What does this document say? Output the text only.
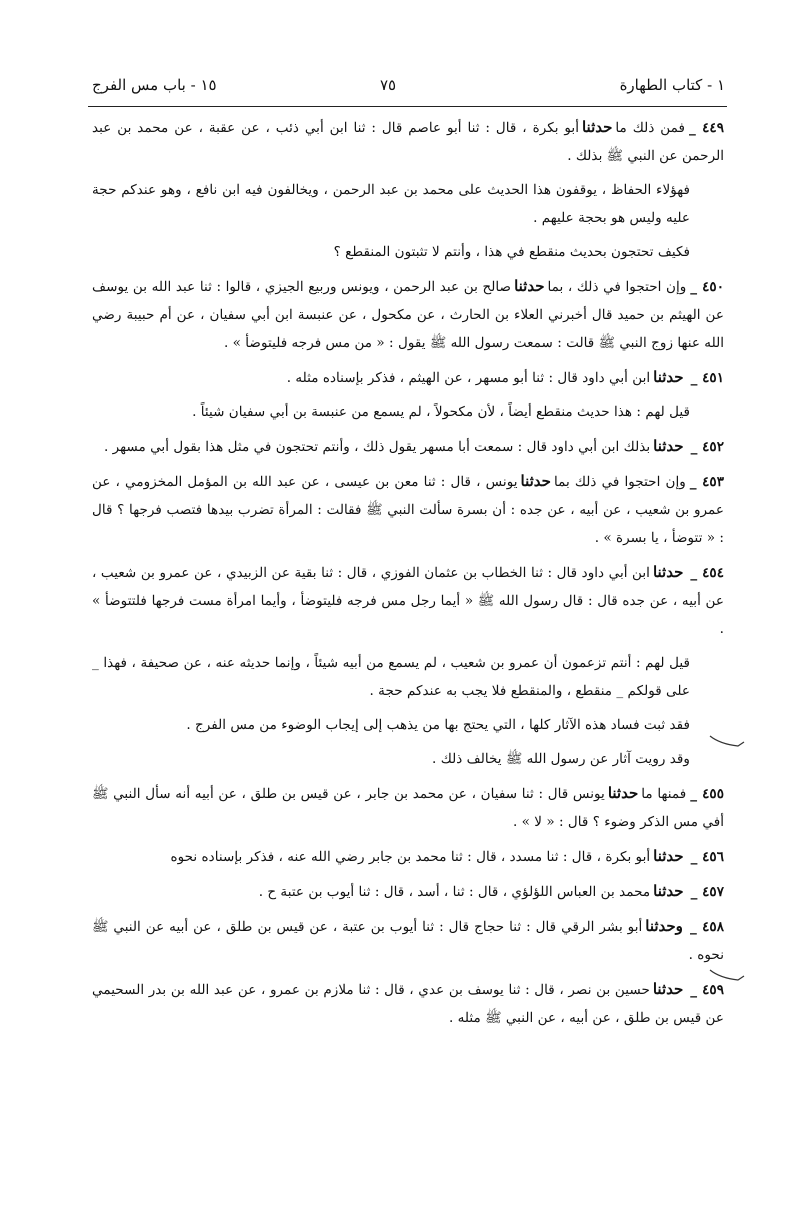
١ - كتاب الطهارة
٧٥
١٥ - باب مس الفرج

٤٤٩ _فمن ذلك ماحدثناأبو بكرة ، قال : ثنا أبو عاصم قال : ثنا ابن أبي ذئب ، عن عقبة ، عن محمد بن عبد الرحمن عن النبي ﷺ بذلك .

فهؤلاء الحفاظ ، يوقفون هذا الحديث على محمد بن عبد الرحمن ، ويخالفون فيه ابن نافع ، وهو عندكم حجة عليه وليس هو بحجة عليهم .

فكيف تحتجون بحديث منقطع في هذا ، وأنتم لا تثبتون المنقطع ؟

٤٥٠ _وإن احتجوا في ذلك ، بماحدثناصالح بن عبد الرحمن ، ويونس وربيع الجيزي ، قالوا : ثنا عبد الله بن يوسف عن الهيثم بن حميد قال أخبرني العلاء بن الحارث ، عن مكحول ، عن عنبسة ابن أبي سفيان ، عن أم حبيبة رضي الله عنها زوج النبي ﷺ قالت : سمعت رسول الله ﷺ يقول : « من مس فرجه فليتوضأ » .

٤٥١ _حدثناابن أبي داود قال : ثنا أبو مسهر ، عن الهيثم ، فذكر بإسناده مثله .

قيل لهم : هذا حديث منقطع أيضاً ، لأن مكحولاً ، لم يسمع من عنبسة بن أبي سفيان شيئاً .

٤٥٢ _حدثنابذلك ابن أبي داود قال : سمعت أبا مسهر يقول ذلك ، وأنتم تحتجون في مثل هذا بقول أبي مسهر .

٤٥٣ _وإن احتجوا في ذلك بماحدثنايونس ، قال : ثنا معن بن عيسى ، عن عبد الله بن المؤمل المخزومي ، عن عمرو بن شعيب ، عن أبيه ، عن جده : أن بسرة سألت النبي ﷺ فقالت : المرأة تضرب بيدها فتصب فرجها ؟ قال : « تتوضأ ، يا بسرة » .

٤٥٤ _حدثناابن أبي داود قال : ثنا الخطاب بن عثمان الفوزي ، قال : ثنا بقية عن الزبيدي ، عن عمرو بن شعيب ، عن أبيه ، عن جده قال : قال رسول الله ﷺ « أيما رجل مس فرجه فليتوضأ ، وأيما امرأة مست فرجها فلتتوضأ » .

قيل لهم : أنتم تزعمون أن عمرو بن شعيب ، لم يسمع من أبيه شيئاً ، وإنما حديثه عنه ، عن صحيفة ، فهذا _ على قولكم _ منقطع ، والمنقطع فلا يجب به عندكم حجة .

فقد ثبت فساد هذه الآثار كلها ، التي يحتج بها من يذهب إلى إيجاب الوضوء من مس الفرج .

وقد رويت آثار عن رسول الله ﷺ يخالف ذلك .

٤٥٥ _فمنها ماحدثنايونس قال : ثنا سفيان ، عن محمد بن جابر ، عن قيس بن طلق ، عن أبيه أنه سأل النبي ﷺ أفي مس الذكر وضوء ؟ قال : « لا » .

٤٥٦ _حدثناأبو بكرة ، قال : ثنا مسدد ، قال : ثنا محمد بن جابر رضي الله عنه ، فذكر بإسناده نحوه

٤٥٧ _حدثنامحمد بن العباس اللؤلؤي ، قال : ثنا ، أسد ، قال : ثنا أيوب بن عتبة ح .

٤٥٨ _وحدثناأبو بشر الرقي قال : ثنا حجاج قال : ثنا أيوب بن عتبة ، عن قيس بن طلق ، عن أبيه عن النبي ﷺ نحوه .

٤٥٩ _حدثناحسين بن نصر ، قال : ثنا يوسف بن عدي ، قال : ثنا ملازم بن عمرو ، عن عبد الله بن بدر السحيمي عن قيس بن طلق ، عن أبيه ، عن النبي ﷺ مثله .
